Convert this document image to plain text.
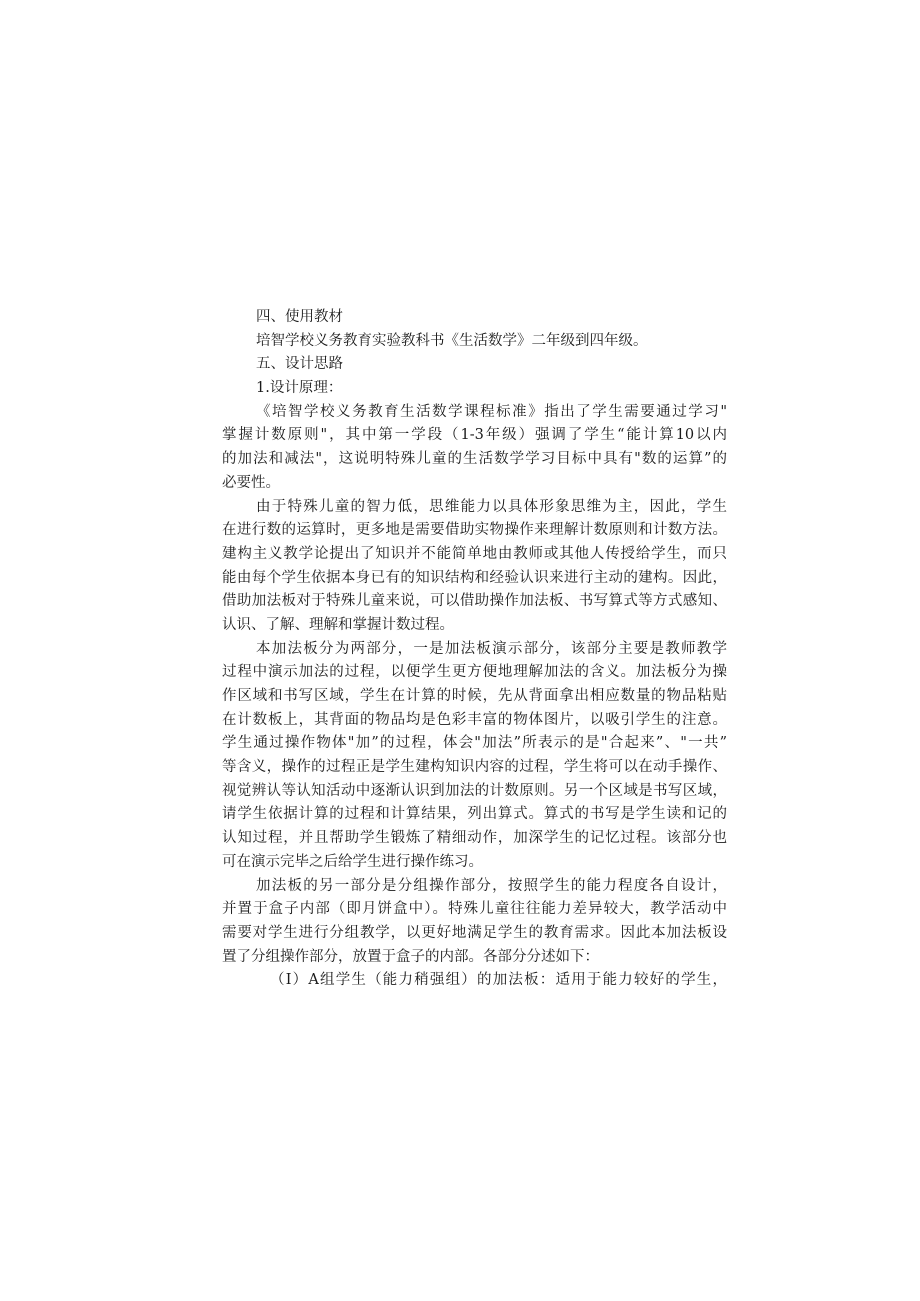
四、使用教材
培智学校义务教育实验教科书《生活数学》二年级到四年级。
五、设计思路
1.设计原理：
《培智学校义务教育生活数学课程标准》指出了学生需要通过学习"
掌握计数原则"，其中第一学段（1-3年级）强调了学生“能计算10以内
的加法和减法"，这说明特殊儿童的生活数学学习目标中具有"数的运算”的
必要性。
由于特殊儿童的智力低，思维能力以具体形象思维为主，因此，学生
在进行数的运算时，更多地是需要借助实物操作来理解计数原则和计数方法。
建构主义教学论提出了知识并不能简单地由教师或其他人传授给学生，而只
能由每个学生依据本身已有的知识结构和经验认识来进行主动的建构。因此，
借助加法板对于特殊儿童来说，可以借助操作加法板、书写算式等方式感知、
认识、了解、理解和掌握计数过程。
本加法板分为两部分，一是加法板演示部分，该部分主要是教师教学
过程中演示加法的过程，以便学生更方便地理解加法的含义。加法板分为操
作区域和书写区域，学生在计算的时候，先从背面拿出相应数量的物品粘贴
在计数板上，其背面的物品均是色彩丰富的物体图片，以吸引学生的注意。
学生通过操作物体"加”的过程，体会"加法”所表示的是"合起来”、"一共”
等含义，操作的过程正是学生建构知识内容的过程，学生将可以在动手操作、
视觉辨认等认知活动中逐渐认识到加法的计数原则。另一个区域是书写区域，
请学生依据计算的过程和计算结果，列出算式。算式的书写是学生读和记的
认知过程，并且帮助学生锻炼了精细动作，加深学生的记忆过程。该部分也
可在演示完毕之后给学生进行操作练习。
加法板的另一部分是分组操作部分，按照学生的能力程度各自设计，
并置于盒子内部（即月饼盒中）。特殊儿童往往能力差异较大，教学活动中
需要对学生进行分组教学，以更好地满足学生的教育需求。因此本加法板设
置了分组操作部分，放置于盒子的内部。各部分分述如下：
（I）A组学生（能力稍强组）的加法板：适用于能力较好的学生，
